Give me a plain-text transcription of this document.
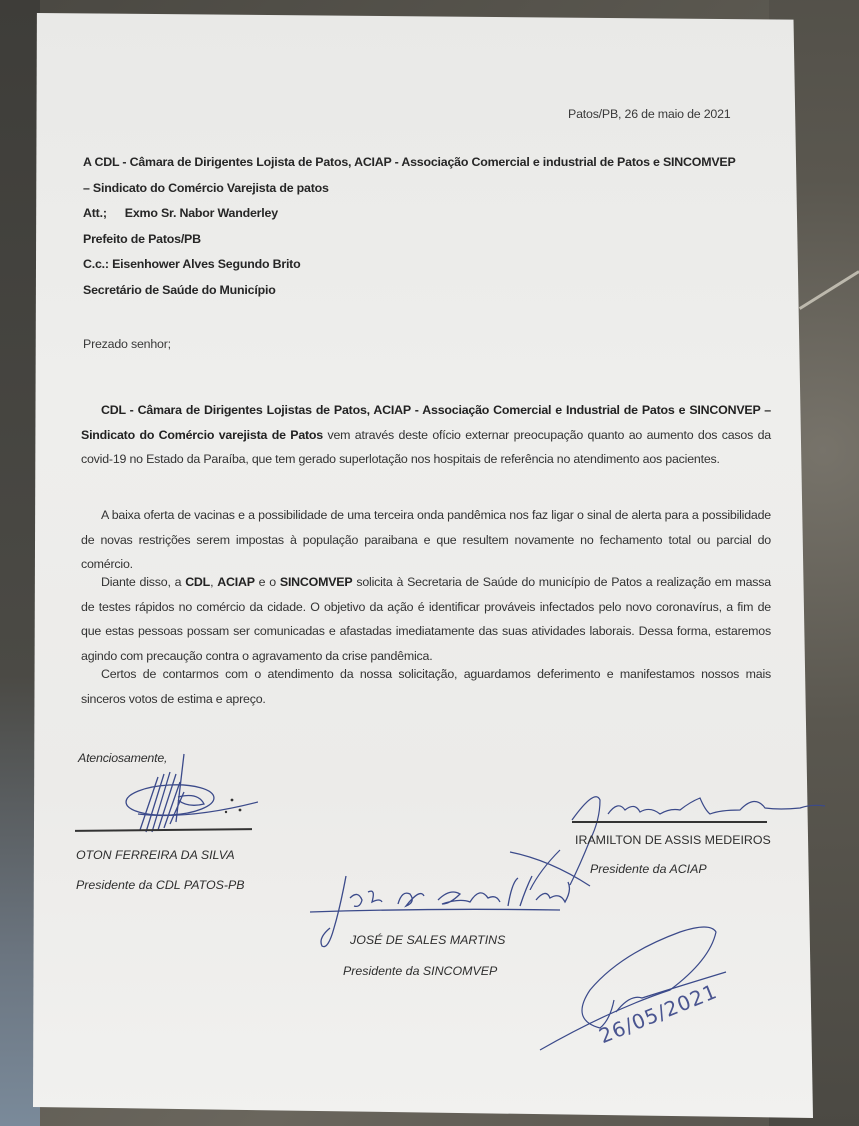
Patos/PB, 26 de maio de 2021
A CDL - Câmara de Dirigentes Lojista de Patos, ACIAP - Associação Comercial e industrial de Patos e SINCOMVEP
– Sindicato do Comércio Varejista de patos
Att.; Exmo Sr. Nabor Wanderley
Prefeito de Patos/PB
C.c.: Eisenhower Alves Segundo Brito
Secretário de Saúde do Município
Prezado senhor;
CDL - Câmara de Dirigentes Lojistas de Patos, ACIAP - Associação Comercial e Industrial de Patos e SINCONVEP – Sindicato do Comércio varejista de Patos vem através deste ofício externar preocupação quanto ao aumento dos casos da covid-19 no Estado da Paraíba, que tem gerado superlotação nos hospitais de referência no atendimento aos pacientes.
A baixa oferta de vacinas e a possibilidade de uma terceira onda pandêmica nos faz ligar o sinal de alerta para a possibilidade de novas restrições serem impostas à população paraibana e que resultem novamente no fechamento total ou parcial do comércio.
Diante disso, a CDL, ACIAP e o SINCOMVEP solicita à Secretaria de Saúde do município de Patos a realização em massa de testes rápidos no comércio da cidade. O objetivo da ação é identificar prováveis infectados pelo novo coronavírus, a fim de que estas pessoas possam ser comunicadas e afastadas imediatamente das suas atividades laborais. Dessa forma, estaremos agindo com precaução contra o agravamento da crise pandêmica.
Certos de contarmos com o atendimento da nossa solicitação, aguardamos deferimento e manifestamos nossos mais sinceros votos de estima e apreço.
Atenciosamente,
OTON FERREIRA DA SILVA
Presidente da CDL PATOS-PB
IRAMILTON DE ASSIS MEDEIROS
Presidente da ACIAP
JOSÉ DE SALES MARTINS
Presidente da SINCOMVEP
26/05/2021
